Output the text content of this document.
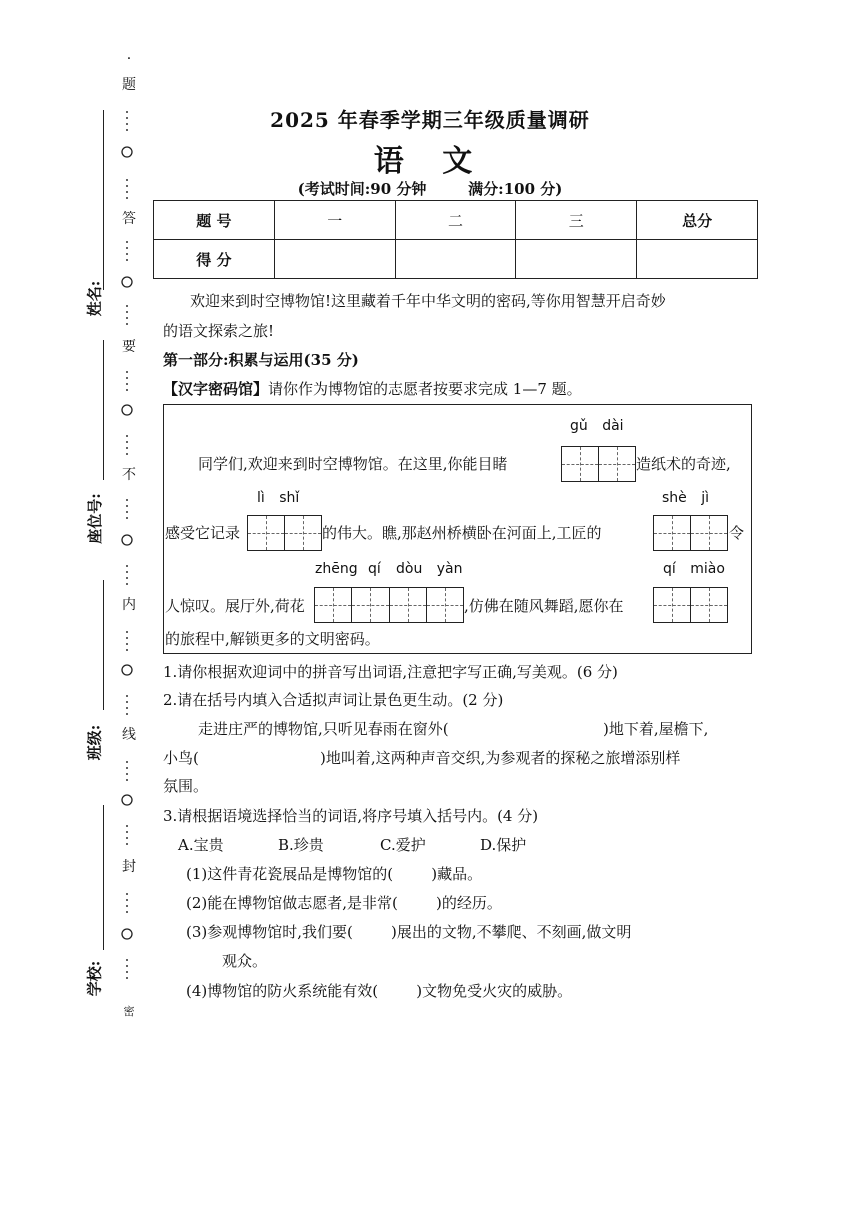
姓名:
座位号:
班级:
学校:
·
题
答
要
不
内
线
封
密
2025 年春季学期三年级质量调研
语 文
(考试时间:90 分钟        满分:100 分)
题 号	一	二	三	总分
得 分				
欢迎来到时空博物馆!这里藏着千年中华文明的密码,等你用智慧开启奇妙
的语文探索之旅!
第一部分:积累与运用(35 分)
【汉字密码馆】请你作为博物馆的志愿者按要求完成 1—7 题。
gǔ dài
同学们,欢迎来到时空博物馆。在这里,你能目睹	造纸术的奇迹,
lì shǐ	shè jì
感受它记录	的伟大。瞧,那赵州桥横卧在河面上,工匠的	令
zhēng qí dòu yàn	qí miào
人惊叹。展厅外,荷花	,仿佛在随风舞蹈,愿你在
的旅程中,解锁更多的文明密码。
1.请你根据欢迎词中的拼音写出词语,注意把字写正确,写美观。(6 分)
2.请在括号内填入合适拟声词让景色更生动。(2 分)
走进庄严的博物馆,只听见春雨在窗外(	)地下着,屋檐下,
小鸟(	)地叫着,这两种声音交织,为参观者的探秘之旅增添别样
氛围。
3.请根据语境选择恰当的词语,将序号填入括号内。(4 分)
A.宝贵	B.珍贵	C.爱护	D.保护
(1)这件青花瓷展品是博物馆的(        )藏品。
(2)能在博物馆做志愿者,是非常(        )的经历。
(3)参观博物馆时,我们要(        )展出的文物,不攀爬、不刻画,做文明
观众。
(4)博物馆的防火系统能有效(        )文物免受火灾的威胁。
